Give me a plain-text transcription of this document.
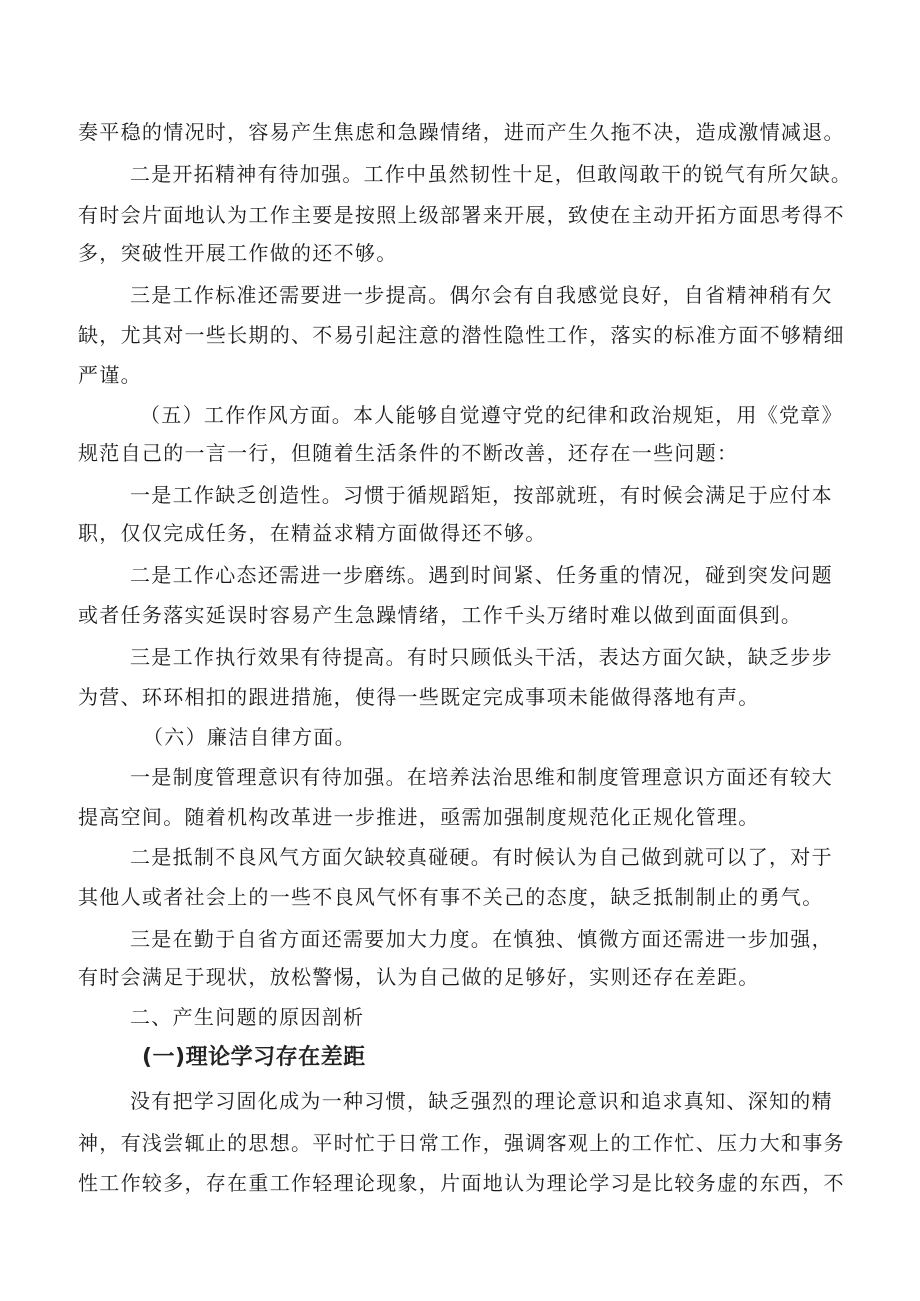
奏平稳的情况时，容易产生焦虑和急躁情绪，进而产生久拖不决，造成激情减退。
二是开拓精神有待加强。工作中虽然韧性十足，但敢闯敢干的锐气有所欠缺。
有时会片面地认为工作主要是按照上级部署来开展，致使在主动开拓方面思考得不
多，突破性开展工作做的还不够。
三是工作标准还需要进一步提高。偶尔会有自我感觉良好，自省精神稍有欠
缺，尤其对一些长期的、不易引起注意的潜性隐性工作，落实的标准方面不够精细
严谨。
（五）工作作风方面。本人能够自觉遵守党的纪律和政治规矩，用《党章》
规范自己的一言一行，但随着生活条件的不断改善，还存在一些问题：
一是工作缺乏创造性。习惯于循规蹈矩，按部就班，有时候会满足于应付本
职，仅仅完成任务，在精益求精方面做得还不够。
二是工作心态还需进一步磨练。遇到时间紧、任务重的情况，碰到突发问题
或者任务落实延误时容易产生急躁情绪，工作千头万绪时难以做到面面俱到。
三是工作执行效果有待提高。有时只顾低头干活，表达方面欠缺，缺乏步步
为营、环环相扣的跟进措施，使得一些既定完成事项未能做得落地有声。
（六）廉洁自律方面。
一是制度管理意识有待加强。在培养法治思维和制度管理意识方面还有较大
提高空间。随着机构改革进一步推进，亟需加强制度规范化正规化管理。
二是抵制不良风气方面欠缺较真碰硬。有时候认为自己做到就可以了，对于
其他人或者社会上的一些不良风气怀有事不关己的态度，缺乏抵制制止的勇气。
三是在勤于自省方面还需要加大力度。在慎独、慎微方面还需进一步加强，
有时会满足于现状，放松警惕，认为自己做的足够好，实则还存在差距。
二、产生问题的原因剖析
(一)理论学习存在差距
没有把学习固化成为一种习惯，缺乏强烈的理论意识和追求真知、深知的精
神，有浅尝辄止的思想。平时忙于日常工作，强调客观上的工作忙、压力大和事务
性工作较多，存在重工作轻理论现象，片面地认为理论学习是比较务虚的东西，不
